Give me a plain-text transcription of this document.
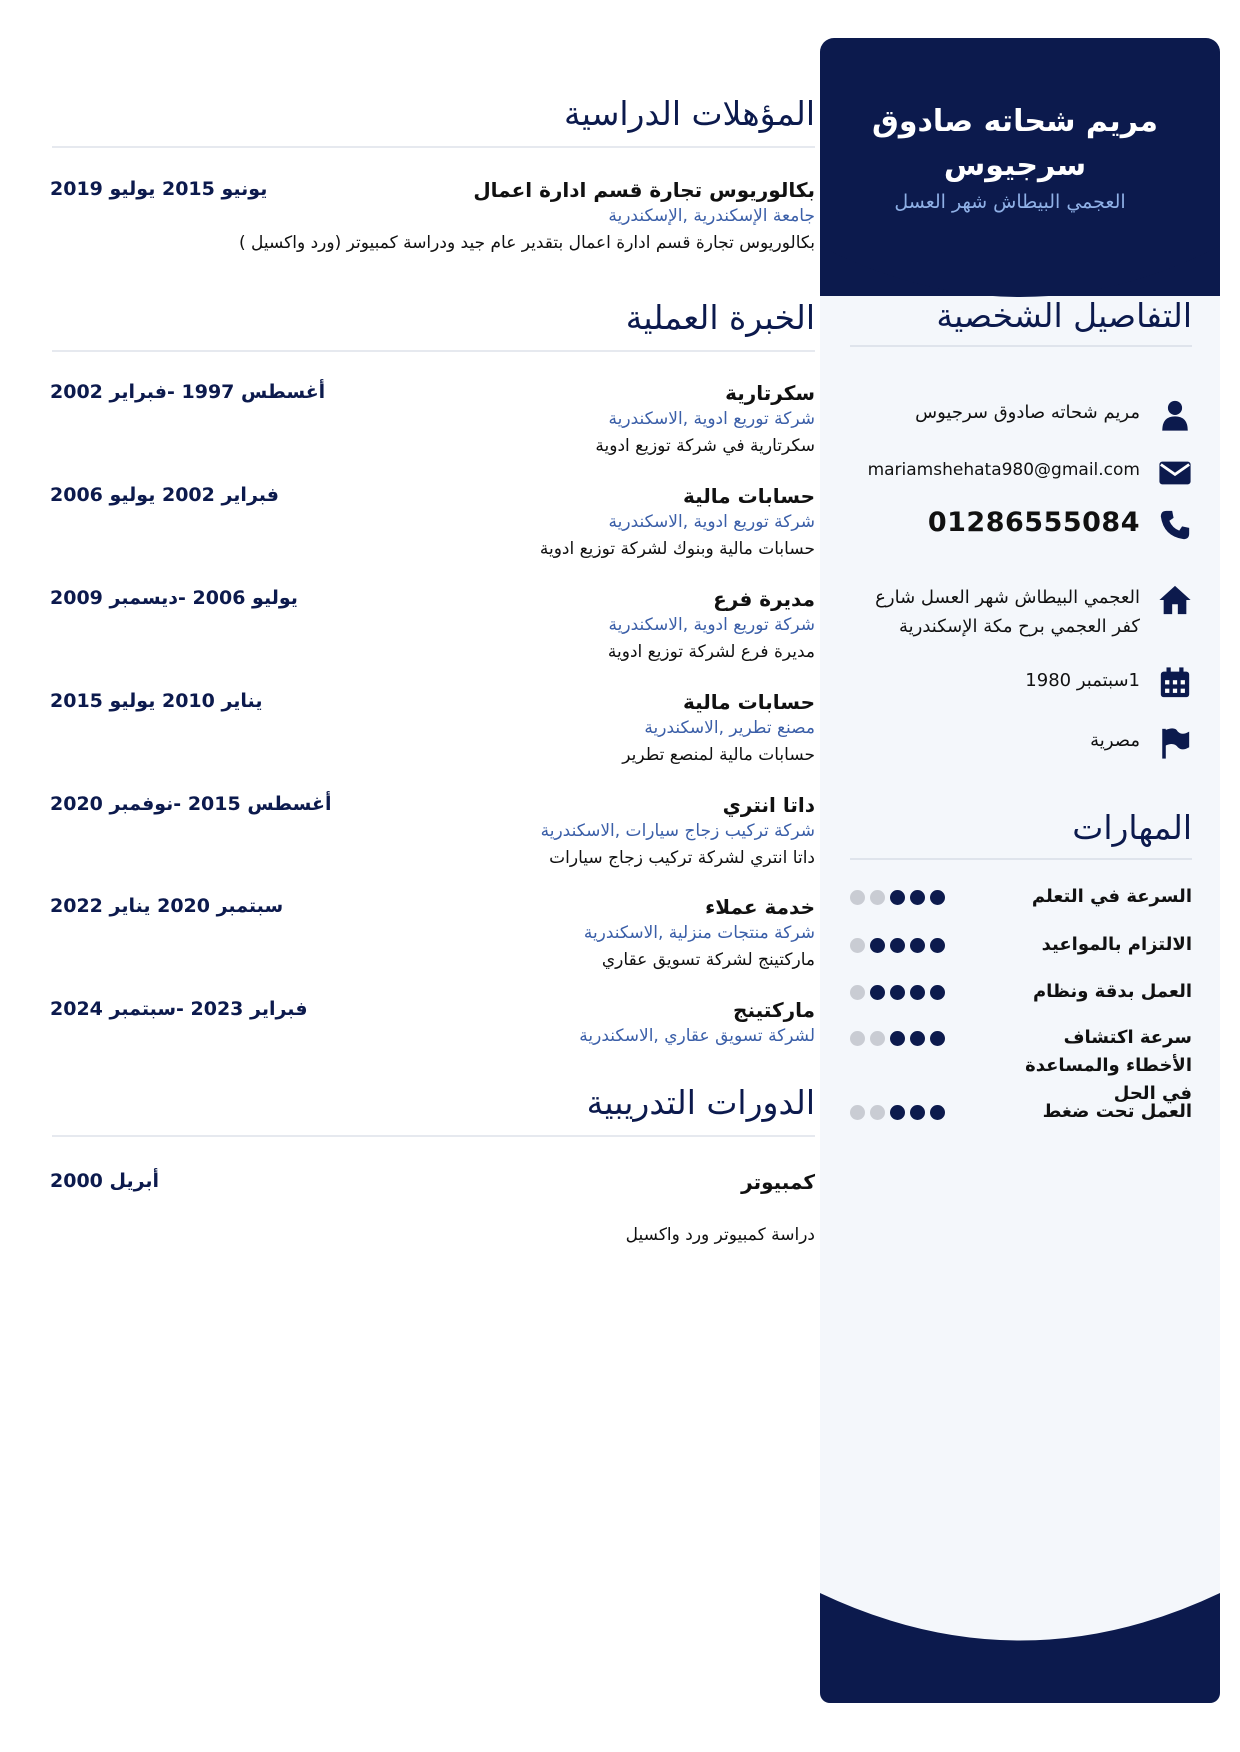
مريم شحاته صادوق سرجيوس
العجمي البيطاش شهر العسل
التفاصيل الشخصية
مريم شحاته صادوق سرجيوس
mariamshehata980@gmail.com
01286555084
العجمي البيطاش شهر العسل شارع كفر العجمي برح مكة الإسكندرية
1سبتمبر 1980
مصرية
المهارات
السرعة في التعلم
الالتزام بالمواعيد
العمل بدقة ونظام
سرعة اكتشاف الأخطاء والمساعدة في الحل
العمل تحت ضغط
المؤهلات الدراسية
يونيو 2015 يوليو 2019	بكالوريوس تجارة قسم ادارة اعمال
جامعة الإسكندرية ,الإسكندرية
بكالوريوس تجارة قسم ادارة اعمال بتقدير عام جيد ودراسة كمبيوتر (ورد واكسيل )
الخبرة العملية
أغسطس 1997 -فبراير 2002	سكرتارية
شركة توريع ادوية ,الاسكندرية
سكرتارية في شركة توزيع ادوية
فبراير 2002 يوليو 2006	حسابات مالية
شركة توريع ادوية ,الاسكندرية
حسابات مالية وبنوك لشركة توزيع ادوية
يوليو 2006 -ديسمبر 2009	مديرة فرع
شركة توريع ادوية ,الاسكندرية
مديرة فرع لشركة توزيع ادوية
يناير 2010 يوليو 2015	حسابات مالية
مصنع تطرير ,الاسكندرية
حسابات مالية لمنصع تطرير
أغسطس 2015 -نوفمبر 2020	داتا انتري
شركة تركيب زجاج سيارات ,الاسكندرية
داتا انتري لشركة تركيب زجاج سيارات
سبتمبر 2020 يناير 2022	خدمة عملاء
شركة منتجات منزلية ,الاسكندرية
ماركتينج لشركة تسويق عقاري
فبراير 2023 -سبتمبر 2024	ماركتينج
لشركة تسويق عقاري ,الاسكندرية
الدورات التدريبية
أبريل 2000	كمبيوتر
دراسة كمبيوتر ورد واكسيل
